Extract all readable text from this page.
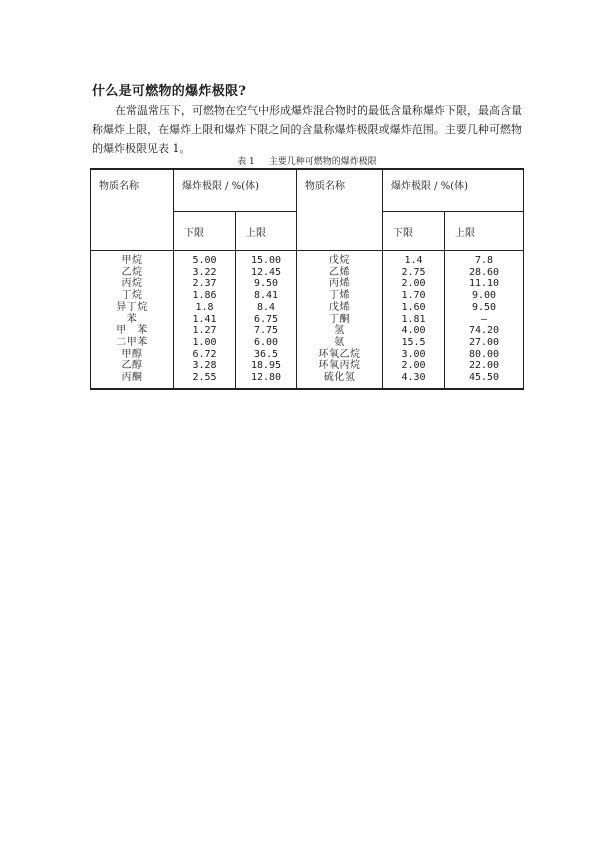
什么是可燃物的爆炸极限?

在常温常压下，可燃物在空气中形成爆炸混合物时的最低含量称爆炸下限，最高含量称爆炸上限，在爆炸上限和爆炸下限之间的含量称爆炸极限或爆炸范围。主要几种可燃物的爆炸极限见表 1。

表 1 主要几种可燃物的爆炸极限
物质名称	爆炸极限 / %(体)		物质名称	爆炸极限 / %(体)	
	下限	上限		下限	上限
甲烷	5.00	15.00	戊烷	1.4	7.8
乙烷	3.22	12.45	乙烯	2.75	28.60
丙烷	2.37	9.50	丙烯	2.00	11.10
丁烷	1.86	8.41	丁烯	1.70	9.00
异丁烷	1.8	8.4	戊烯	1.60	9.50
苯	1.41	6.75	丁酮	1.81	—
甲　苯	1.27	7.75	氢	4.00	74.20
二甲苯	1.00	6.00	氨	15.5	27.00
甲醇	6.72	36.5	环氧乙烷	3.00	80.00
乙醇	3.28	18.95	环氧丙烷	2.00	22.00
丙酮	2.55	12.80	硫化氢	4.30	45.50
